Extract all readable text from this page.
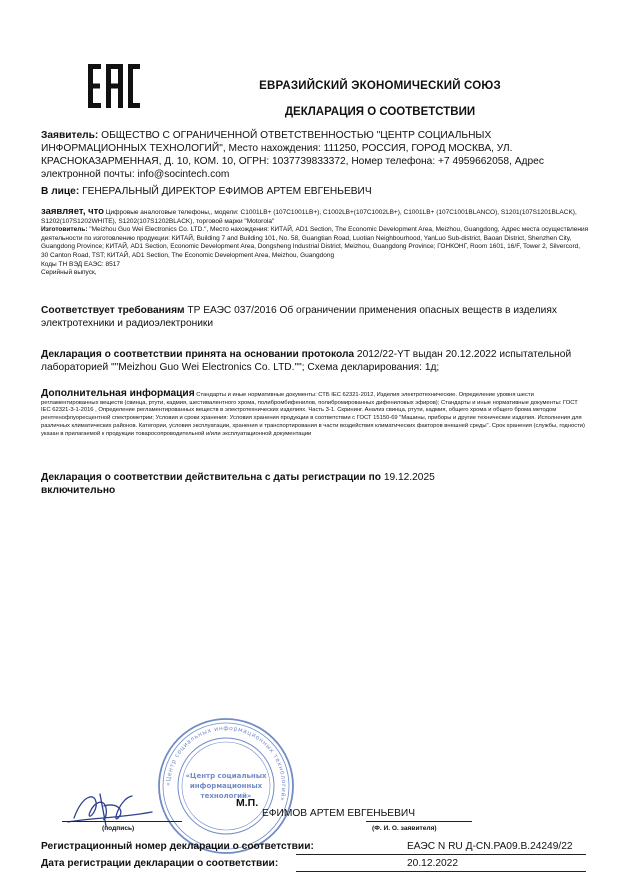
ЕВРАЗИЙСКИЙ ЭКОНОМИЧЕСКИЙ СОЮЗ
ДЕКЛАРАЦИЯ О СООТВЕТСТВИИ
Заявитель: ОБЩЕСТВО С ОГРАНИЧЕННОЙ ОТВЕТСТВЕННОСТЬЮ "ЦЕНТР СОЦИАЛЬНЫХ ИНФОРМАЦИОННЫХ ТЕХНОЛОГИЙ", Место нахождения: 111250, РОССИЯ, ГОРОД МОСКВА, УЛ. КРАСНОКАЗАРМЕННАЯ, Д. 10, КОМ. 10, ОГРН: 1037739833372, Номер телефона: +7 4959662058, Адрес электронной почты: info@socintech.com
В лице: ГЕНЕРАЛЬНЫЙ ДИРЕКТОР ЕФИМОВ АРТЕМ ЕВГЕНЬЕВИЧ
заявляет, что Цифровые аналоговые телефоны,, модели: C1001LB+ (107C1001LB+), C1002LB+(107C1002LB+), C1001LB+ (107C1001BLANCO), S1201(107S1201BLACK), S1202(107S1202WHITE), S1202(107S1202BLACK), торговой марки "Motorola"
Изготовитель: "Meizhou Guo Wei Electronics Co. LTD.", Место нахождения: КИТАЙ, AD1 Section, The Economic Development Area, Meizhou, Guangdong, Адрес места осуществления деятельности по изготовлению продукции: КИТАЙ, Building 7 and Building 101, No. 58, Guangtian Road, Luotian Neighbourhood, YanLuo Sub-district, Baoan District, Shenzhen City, Guangdong Province; КИТАЙ, AD1 Section, Economic Development Area, Dongsheng Industrial District, Meizhou, Guangdong Province; ГОНКОНГ, Room 1601, 16/F, Tower 2, Silvercord, 30 Canton Road, TST; КИТАЙ, AD1 Section, The Economic Development Area, Meizhou, Guangdong
Коды ТН ВЭД ЕАЭС: 8517
Серийный выпуск,
Соответствует требованиям ТР ЕАЭС 037/2016 Об ограничении применения опасных веществ в изделиях электротехники и радиоэлектроники
Декларация о соответствии принята на основании протокола 2012/22-YT выдан 20.12.2022 испытательной лабораторией ""Meizhou Guo Wei Electronics Co. LTD.""; Схема декларирования: 1д;
Дополнительная информация Стандарты и иные нормативные документы: СТБ IEC 62321-2012, Изделия электротехнические. Определение уровня шести регламентированных веществ (свинца, ртути, кадмия, шестивалентного хрома, полибромбифенилов, полибромированных дифениловых эфиров); Стандарты и иные нормативные документы: ГОСТ IEC 62321-3-1-2016 , Определение регламентированных веществ в электротехнических изделиях. Часть 3-1. Скрининг. Анализ свинца, ртути, кадмия, общего хрома и общего брома методом рентгенофлуоресцентной спектрометрии; Условия и сроки хранения: Условия хранения продукции в соответствии с ГОСТ 15150-69 "Машины, приборы и другие технические изделия. Исполнения для различных климатических районов. Категории, условия эксплуатации, хранения и транспортирования в части воздействия климатических факторов внешней среды". Срок хранения (службы, годности) указан в прилагаемой к продукции товаросопроводительной и/или эксплуатационной документации
Декларация о соответствии действительна с даты регистрации по 19.12.2025
включительно
«Центр социальных информационных технологий»
«Центр социальных
информационных
технологий»
М.П.
ЕФИМОВ АРТЕМ ЕВГЕНЬЕВИЧ
(подпись)	(Ф. И. О. заявителя)
Регистрационный номер декларации о соответствии:	ЕАЭС N RU Д-CN.PA09.B.24249/22
Дата регистрации декларации о соответствии:	20.12.2022
